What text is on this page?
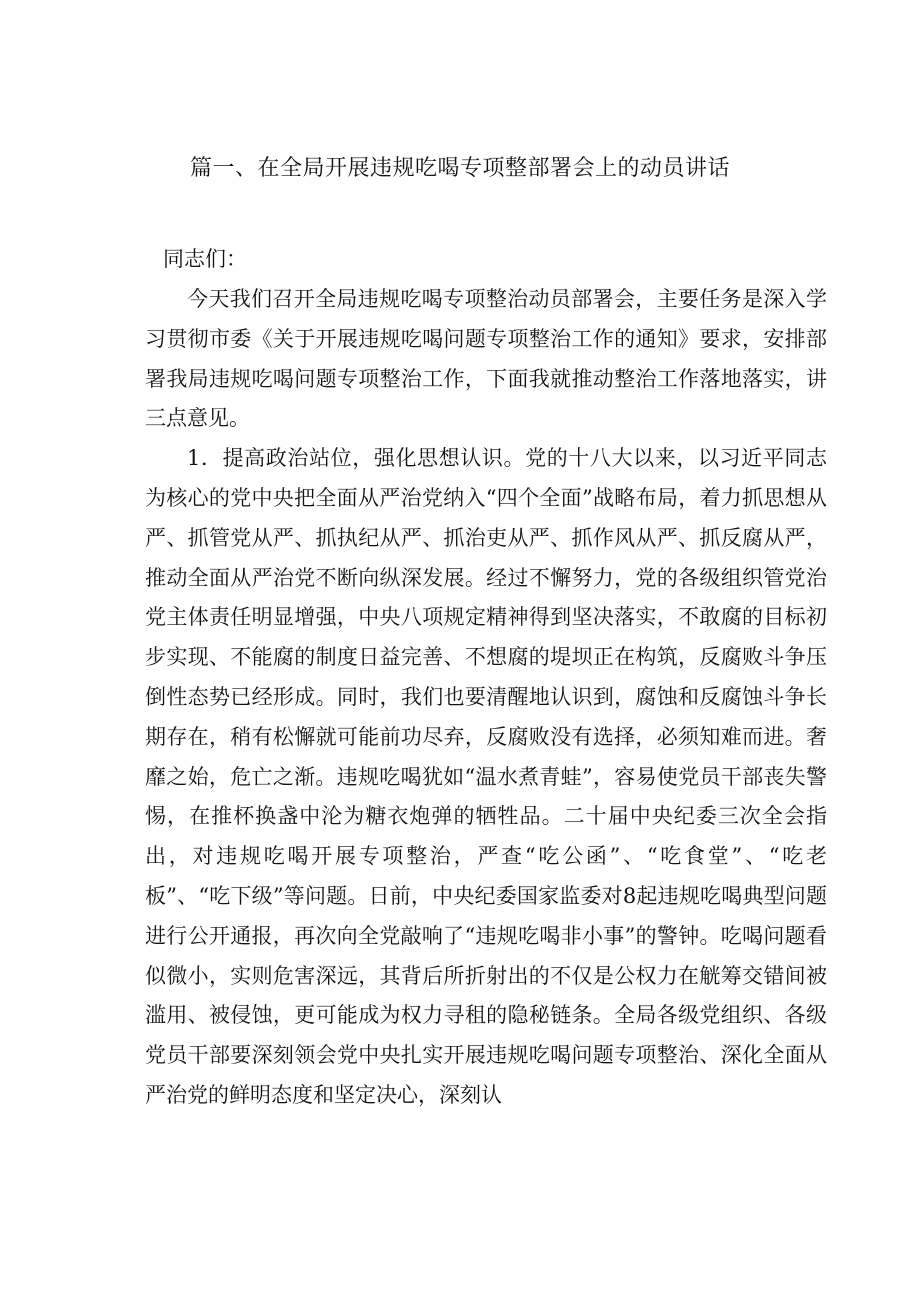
篇一、在全局开展违规吃喝专项整部署会上的动员讲话
同志们：

今天我们召开全局违规吃喝专项整治动员部署会，主要任务是深入学习贯彻市委《关于开展违规吃喝问题专项整治工作的通知》要求，安排部署我局违规吃喝问题专项整治工作，下面我就推动整治工作落地落实，讲三点意见。

1．提高政治站位，强化思想认识。党的十八大以来，以习近平同志为核心的党中央把全面从严治党纳入“四个全面”战略布局，着力抓思想从严、抓管党从严、抓执纪从严、抓治吏从严、抓作风从严、抓反腐从严，推动全面从严治党不断向纵深发展。经过不懈努力，党的各级组织管党治党主体责任明显增强，中央八项规定精神得到坚决落实，不敢腐的目标初步实现、不能腐的制度日益完善、不想腐的堤坝正在构筑，反腐败斗争压倒性态势已经形成。同时，我们也要清醒地认识到，腐蚀和反腐蚀斗争长期存在，稍有松懈就可能前功尽弃，反腐败没有选择，必须知难而进。奢靡之始，危亡之渐。违规吃喝犹如“温水煮青蛙”，容易使党员干部丧失警惕，在推杯换盏中沦为糖衣炮弹的牺牲品。二十届中央纪委三次全会指出，对违规吃喝开展专项整治，严查“吃公函”、“吃食堂”、“吃老板”、“吃下级”等问题。日前，中央纪委国家监委对8起违规吃喝典型问题进行公开通报，再次向全党敲响了“违规吃喝非小事”的警钟。吃喝问题看似微小，实则危害深远，其背后所折射出的不仅是公权力在觥筹交错间被滥用、被侵蚀，更可能成为权力寻租的隐秘链条。全局各级党组织、各级党员干部要深刻领会党中央扎实开展违规吃喝问题专项整治、深化全面从严治党的鲜明态度和坚定决心，深刻认
